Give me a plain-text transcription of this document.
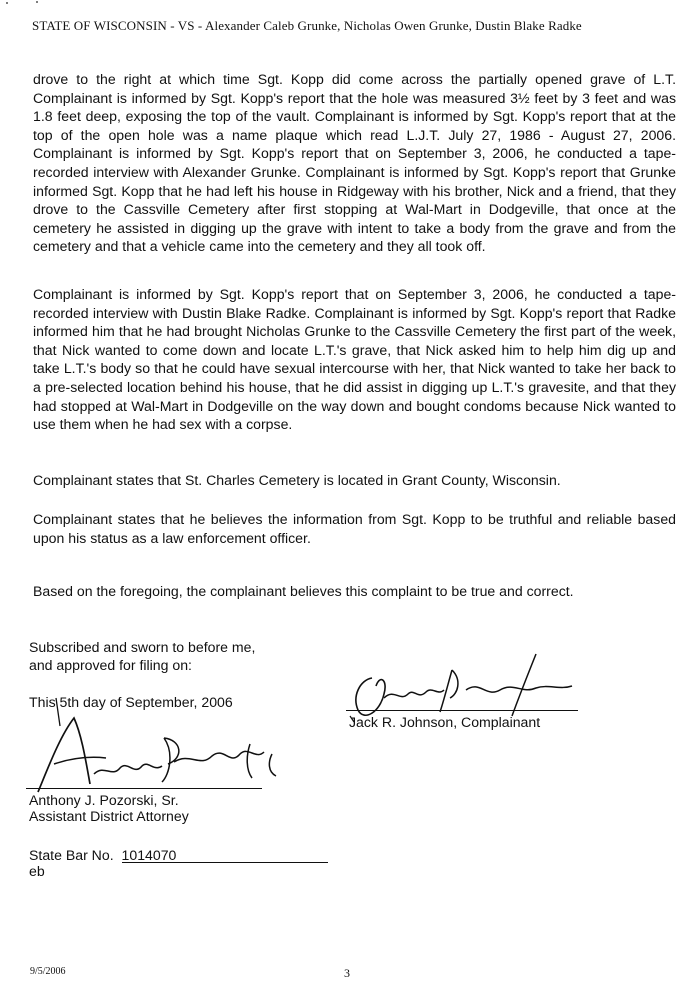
STATE OF WISCONSIN - VS - Alexander Caleb Grunke, Nicholas Owen Grunke, Dustin Blake Radke

drove to the right at which time Sgt. Kopp did come across the partially opened grave of L.T. Complainant is informed by Sgt. Kopp's report that the hole was measured 3½ feet by 3 feet and was 1.8 feet deep, exposing the top of the vault. Complainant is informed by Sgt. Kopp's report that at the top of the open hole was a name plaque which read L.J.T. July 27, 1986 - August 27, 2006. Complainant is informed by Sgt. Kopp's report that on September 3, 2006, he conducted a tape-recorded interview with Alexander Grunke. Complainant is informed by Sgt. Kopp's report that Grunke informed Sgt. Kopp that he had left his house in Ridgeway with his brother, Nick and a friend, that they drove to the Cassville Cemetery after first stopping at Wal-Mart in Dodgeville, that once at the cemetery he assisted in digging up the grave with intent to take a body from the grave and from the cemetery and that a vehicle came into the cemetery and they all took off.

Complainant is informed by Sgt. Kopp's report that on September 3, 2006, he conducted a tape-recorded interview with Dustin Blake Radke. Complainant is informed by Sgt. Kopp's report that Radke informed him that he had brought Nicholas Grunke to the Cassville Cemetery the first part of the week, that Nick wanted to come down and locate L.T.'s grave, that Nick asked him to help him dig up and take L.T.'s body so that he could have sexual intercourse with her, that Nick wanted to take her back to a pre-selected location behind his house, that he did assist in digging up L.T.'s gravesite, and that they had stopped at Wal-Mart in Dodgeville on the way down and bought condoms because Nick wanted to use them when he had sex with a corpse.

Complainant states that St. Charles Cemetery is located in Grant County, Wisconsin.

Complainant states that he believes the information from Sgt. Kopp to be truthful and reliable based upon his status as a law enforcement officer.

Based on the foregoing, the complainant believes this complaint to be true and correct.

Subscribed and sworn to before me,
and approved for filing on:
This 5th day of September, 2006
Jack R. Johnson, Complainant
Anthony J. Pozorski, Sr.
Assistant District Attorney
State Bar No. 1014070
eb
9/5/2006	3
